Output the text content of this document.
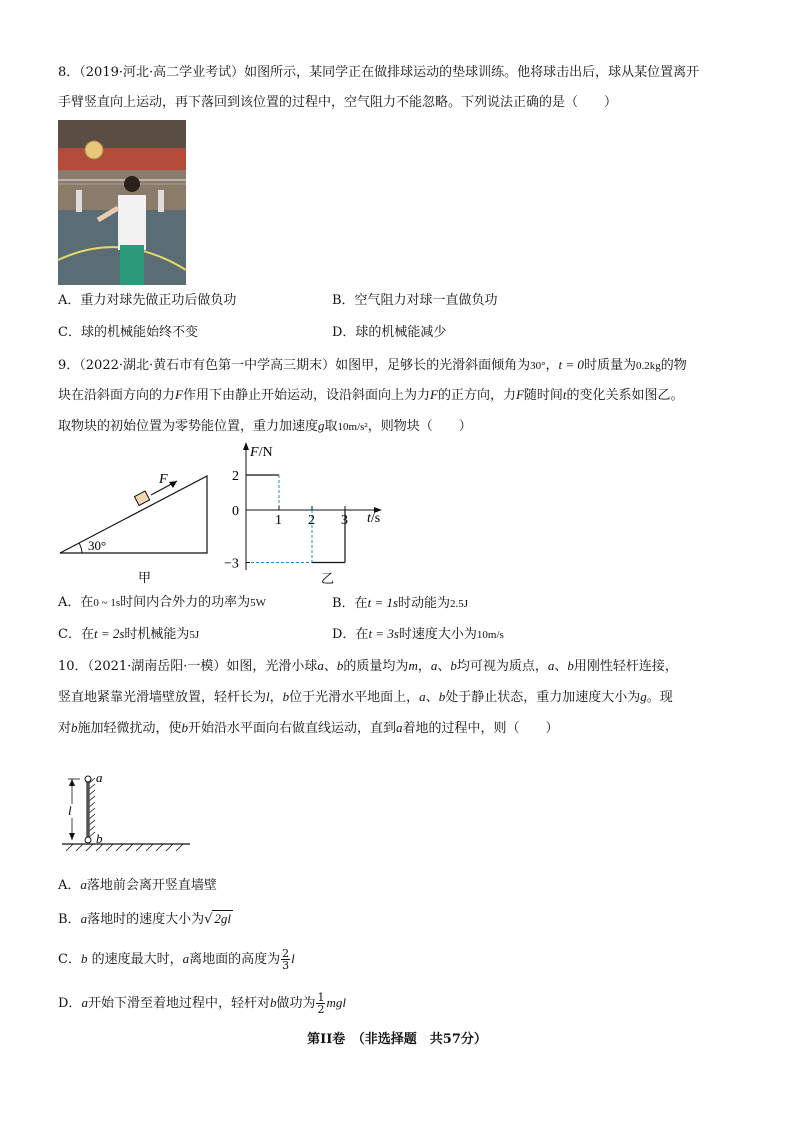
8．（2019·河北·高二学业考试）如图所示，某同学正在做排球运动的垫球训练。他将球击出后，球从某位置离开
手臂竖直向上运动，再下落回到该位置的过程中，空气阻力不能忽略。下列说法正确的是（　　）
A．重力对球先做正功后做负功	B．空气阻力对球一直做负功
C．球的机械能始终不变	D．球的机械能减少
9．（2022·湖北·黄石市有色第一中学高三期末）如图甲，足够长的光滑斜面倾角为30°，t = 0时质量为0.2kg的物
块在沿斜面方向的力F作用下由静止开始运动，设沿斜面向上为力F的正方向，力F随时间t的变化关系如图乙。
取物块的初始位置为零势能位置，重力加速度g取10m/s²，则物块（　　）
F
30°
甲
F/N
t/s
乙
1 2 3
2
0
−3
A．在0 ~ 1s时间内合外力的功率为5W	B．在t = 1s时动能为2.5J
C．在t = 2s时机械能为5J	D．在t = 3s时速度大小为10m/s
10．（2021·湖南岳阳·一模）如图，光滑小球a、b的质量均为m，a、b均可视为质点，a、b用刚性轻杆连接，
竖直地紧靠光滑墙壁放置，轻杆长为l，b位于光滑水平地面上，a、b处于静止状态，重力加速度大小为g。现
对b施加轻微扰动，使b开始沿水平面向右做直线运动，直到a着地的过程中，则（　　）
a
b
l
A．a落地前会离开竖直墙壁
B．a落地时的速度大小为√ 2gl
C．b 的速度最大时，a离地面的高度为 $\frac{2}{3}$ l
D．a开始下滑至着地过程中，轻杆对b做功为 $\frac{1}{2}$ mgl
第II卷　（非选择题　共57分）
